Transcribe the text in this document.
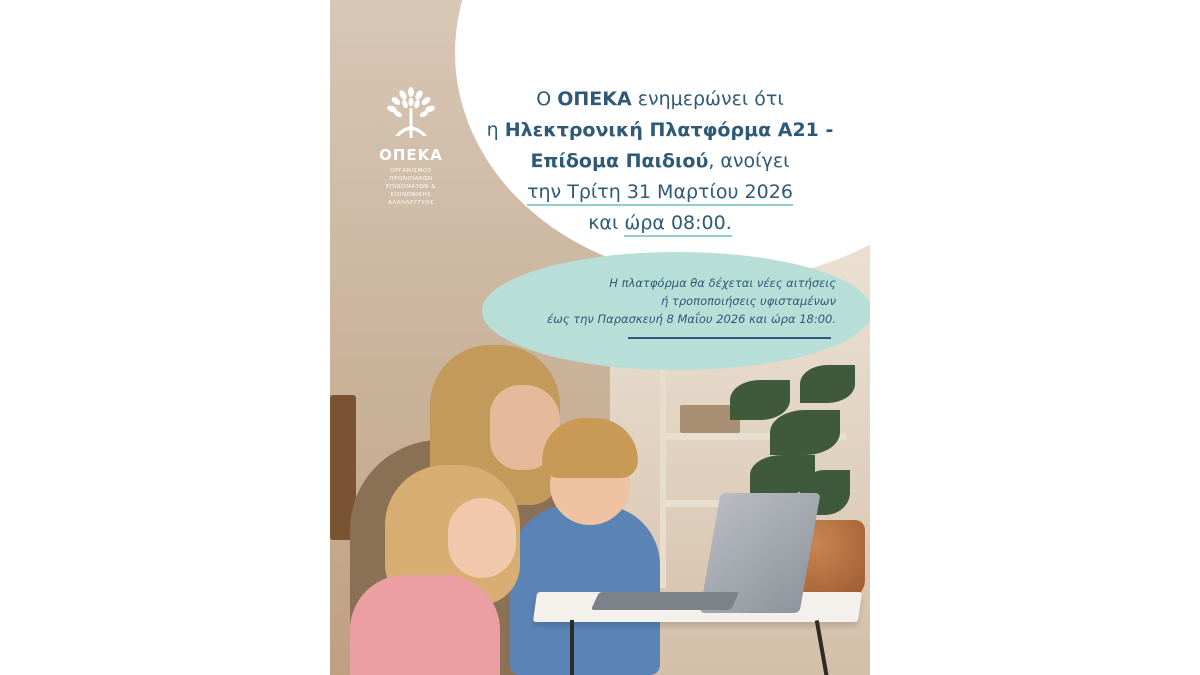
Ο ΟΠΕΚΑ ενημερώνει ότι
η Ηλεκτρονική Πλατφόρμα Α21 -
Επίδομα Παιδιού, ανοίγει
την Τρίτη 31 Μαρτίου 2026
και ώρα 08:00.
Η πλατφόρμα θα δέχεται νέες αιτήσεις
ή τροποποιήσεις υφισταμένων
έως την Παρασκευή 8 Μαΐου 2026 και ώρα 18:00.
ΟΠΕΚΑ
ΟΡΓΑΝΙΣΜΟΣ
ΠΡΟΝΟΙΑΚΩΝ
ΕΠΙΔΟΜΑΤΩΝ &
ΚΟΙΝΩΝΙΚΗΣ
ΑΛΛΗΛΕΓΓΥΗΣ
